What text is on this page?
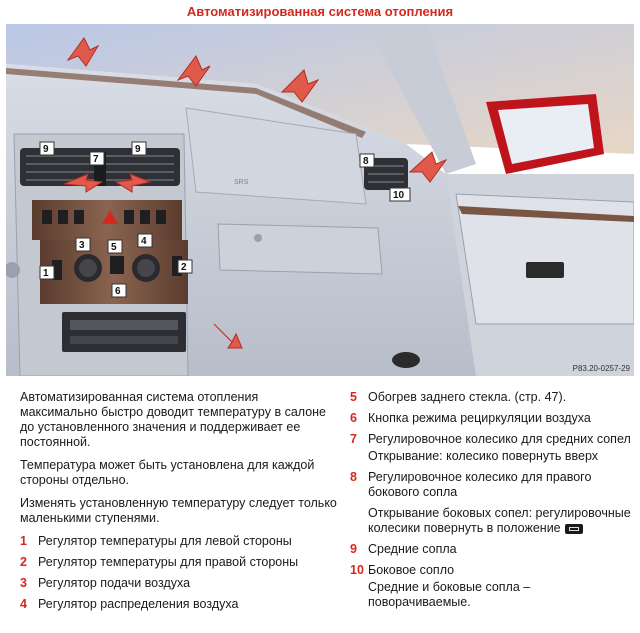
Автоматизированная система отопления
SRS
9	9
7
1
2
3	4
5
6
8
10
P83.20-0257-29

Автоматизированная система отопления максимально быстро доводит температуру в салоне до установленного значения и поддерживает ее постоянной.

Температура может быть установлена для каждой стороны отдельно.

Изменять установленную температуру следует только маленькими ступенями.

1 Регулятор температуры для левой стороны
2 Регулятор температуры для правой стороны
3 Регулятор подачи воздуха
4 Регулятор распределения воздуха
5 Обогрев заднего стекла. (стр. 47).
6 Кнопка режима рециркуляции воздуха
7 Регулировочное колесико для средних сопел
Открывание: колесико повернуть вверх
8 Регулировочное колесико для правого бокового сопла

Открывание боковых сопел: регулировочные колесики повернуть в положение

9 Средние сопла
10 Боковое сопло
Средние и боковые сопла – поворачиваемые.
